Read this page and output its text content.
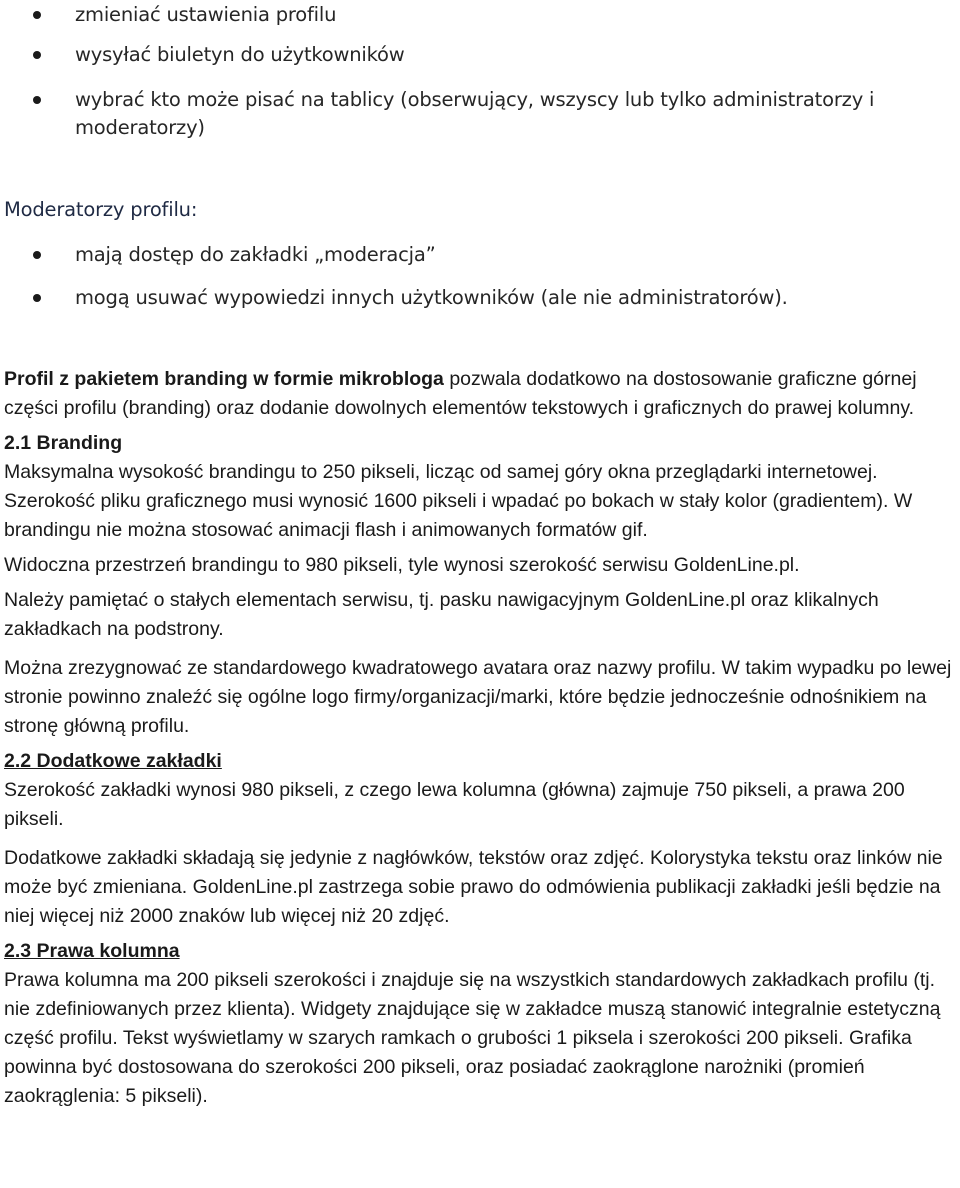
zmieniać ustawienia profilu
wysyłać biuletyn do użytkowników
wybrać kto może pisać na tablicy (obserwujący, wszyscy lub tylko administratorzy i
moderatorzy)
Moderatorzy profilu:
mają dostęp do zakładki „moderacja”
mogą usuwać wypowiedzi innych użytkowników (ale nie administratorów).

Profil z pakietem branding w formie mikrobloga pozwala dodatkowo na dostosowanie graficzne górnej części profilu (branding) oraz dodanie dowolnych elementów tekstowych i graficznych do prawej kolumny.

2.1 Branding

Maksymalna wysokość brandingu to 250 pikseli, licząc od samej góry okna przeglądarki internetowej. Szerokość pliku graficznego musi wynosić 1600 pikseli i wpadać po bokach w stały kolor (gradientem). W brandingu nie można stosować animacji flash i animowanych formatów gif.

Widoczna przestrzeń brandingu to 980 pikseli, tyle wynosi szerokość serwisu GoldenLine.pl.

Należy pamiętać o stałych elementach serwisu, tj. pasku nawigacyjnym GoldenLine.pl oraz klikalnych zakładkach na podstrony.

Można zrezygnować ze standardowego kwadratowego avatara oraz nazwy profilu. W takim wypadku po lewej stronie powinno znaleźć się ogólne logo firmy/organizacji/marki, które będzie jednocześnie odnośnikiem na stronę główną profilu.

2.2 Dodatkowe zakładki

Szerokość zakładki wynosi 980 pikseli, z czego lewa kolumna (główna) zajmuje 750 pikseli, a prawa 200 pikseli.

Dodatkowe zakładki składają się jedynie z nagłówków, tekstów oraz zdjęć. Kolorystyka tekstu oraz linków nie może być zmieniana. GoldenLine.pl zastrzega sobie prawo do odmówienia publikacji zakładki jeśli będzie na niej więcej niż 2000 znaków lub więcej niż 20 zdjęć.

2.3 Prawa kolumna

Prawa kolumna ma 200 pikseli szerokości i znajduje się na wszystkich standardowych zakładkach profilu (tj. nie zdefiniowanych przez klienta). Widgety znajdujące się w zakładce muszą stanowić integralnie estetyczną część profilu. Tekst wyświetlamy w szarych ramkach o grubości 1 piksela i szerokości 200 pikseli. Grafika powinna być dostosowana do szerokości 200 pikseli, oraz posiadać zaokrąglone narożniki (promień zaokrąglenia: 5 pikseli).
